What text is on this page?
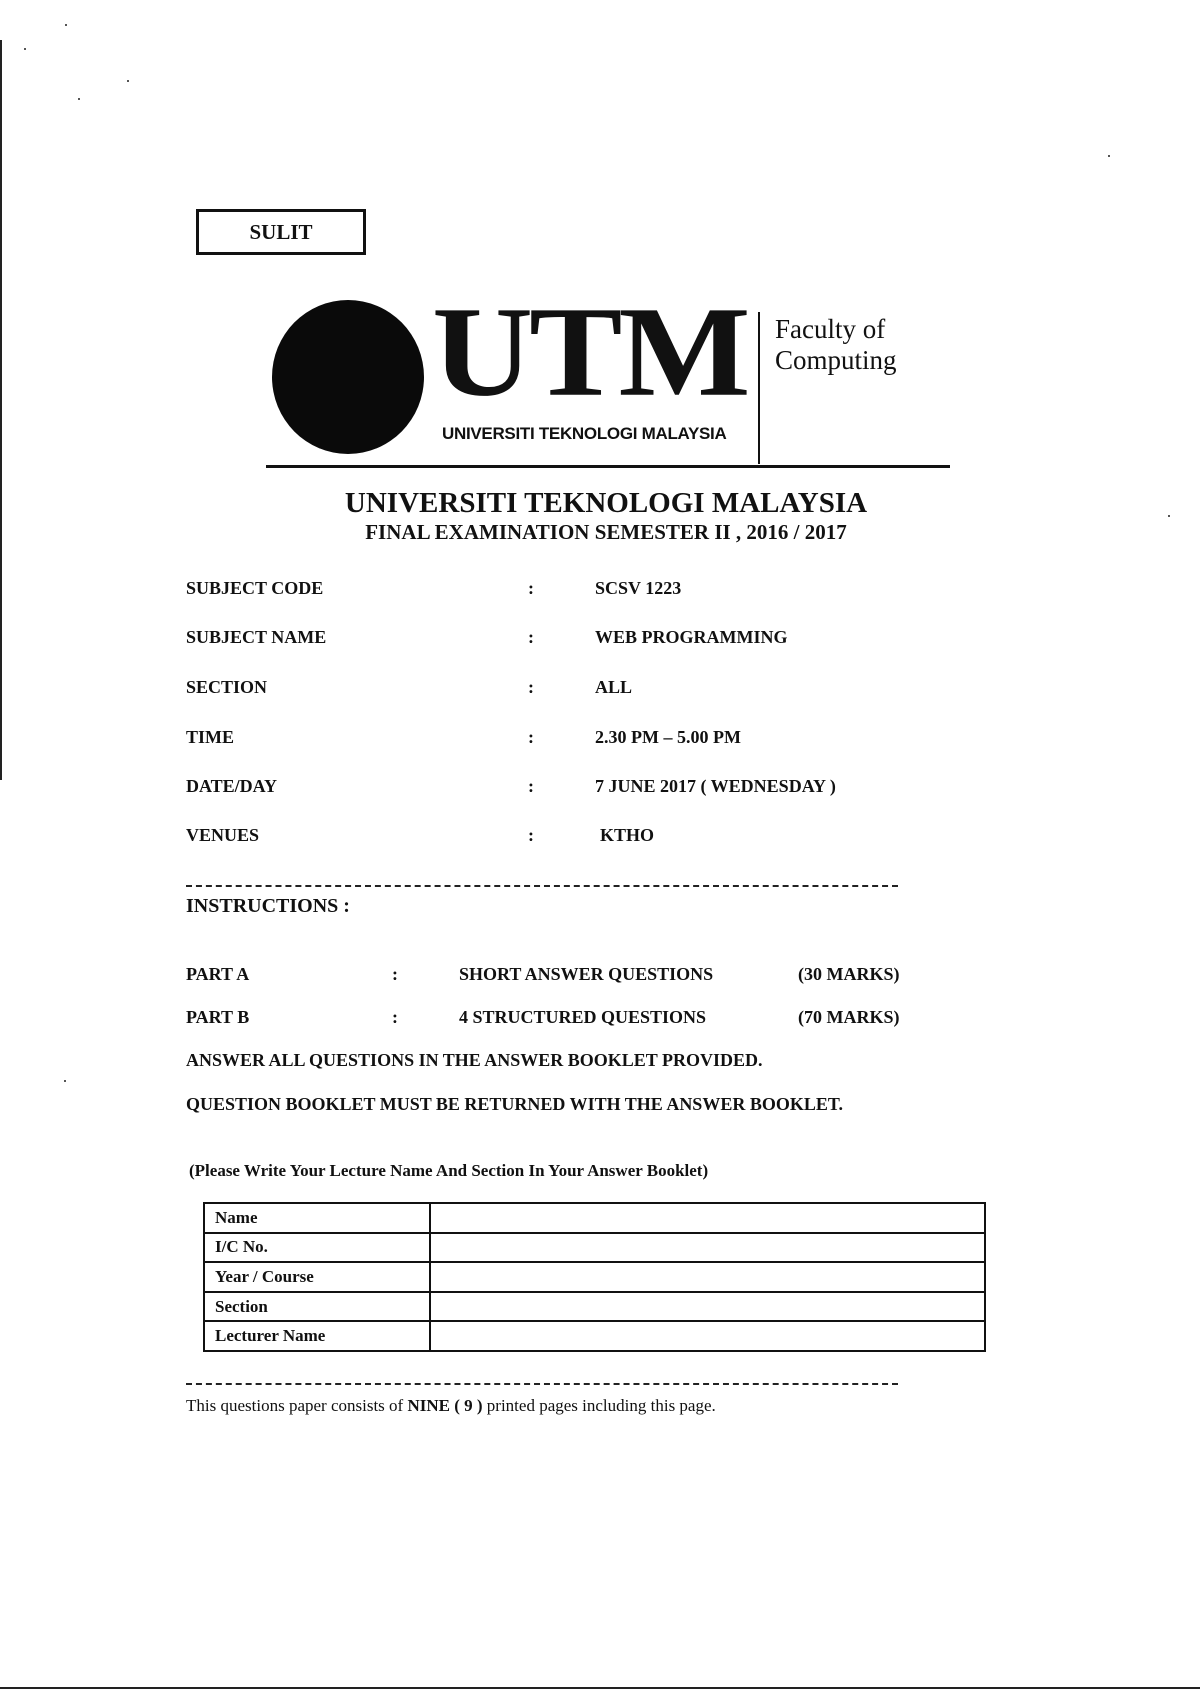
SULIT
UTM
UNIVERSITI TEKNOLOGI MALAYSIA
Faculty of
Computing
UNIVERSITI TEKNOLOGI MALAYSIA
FINAL EXAMINATION SEMESTER II , 2016 / 2017
SUBJECT CODE	:	SCSV 1223
SUBJECT NAME	:	WEB PROGRAMMING
SECTION	:	ALL
TIME	:	2.30 PM – 5.00 PM
DATE/DAY	:	7 JUNE 2017 ( WEDNESDAY )
VENUES	:	KTHO
INSTRUCTIONS :
PART A	:	SHORT ANSWER QUESTIONS	(30 MARKS)
PART B	:	4 STRUCTURED QUESTIONS	(70 MARKS)
ANSWER ALL QUESTIONS IN THE ANSWER BOOKLET PROVIDED.
QUESTION BOOKLET MUST BE RETURNED WITH THE ANSWER BOOKLET.
(Please Write Your Lecture Name And Section In Your Answer Booklet)
Name	
I/C No.	
Year / Course	
Section	
Lecturer Name	
This questions paper consists of NINE ( 9 ) printed pages including this page.
